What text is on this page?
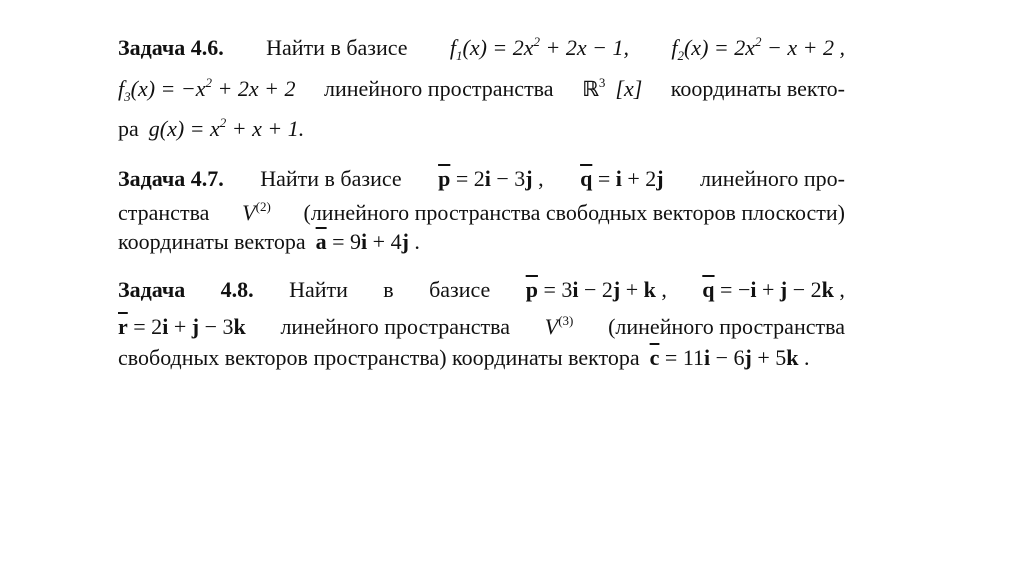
Задача 4.6. Найти в базисе $f_1(x) = 2x^2 + 2x - 1$, $f_2(x) = 2x^2 - x + 2$ ,
$f_3(x) = -x^2 + 2x + 2$ линейного пространства ℝ$^3$ [x] координаты векто-
ра $g(x) = x^2 + x + 1$.
Задача 4.7. Найти в базисе $\overline{p} = 2i - 3j$ , $\overline{q} = i + 2j$ линейного про-
странства $V^{(2)}$ (линейного пространства свободных векторов плоскости)
координаты вектора $\overline{a} = 9i + 4j$ .
Задача 4.8. Найти в базисе $\overline{p} = 3i - 2j + k$ , $\overline{q} = -i + j - 2k$ ,
$\overline{r} = 2i + j - 3k$ линейного пространства $V^{(3)}$ (линейного пространства
свободных векторов пространства) координаты вектора $\overline{c} = 11i - 6j + 5k$ .
